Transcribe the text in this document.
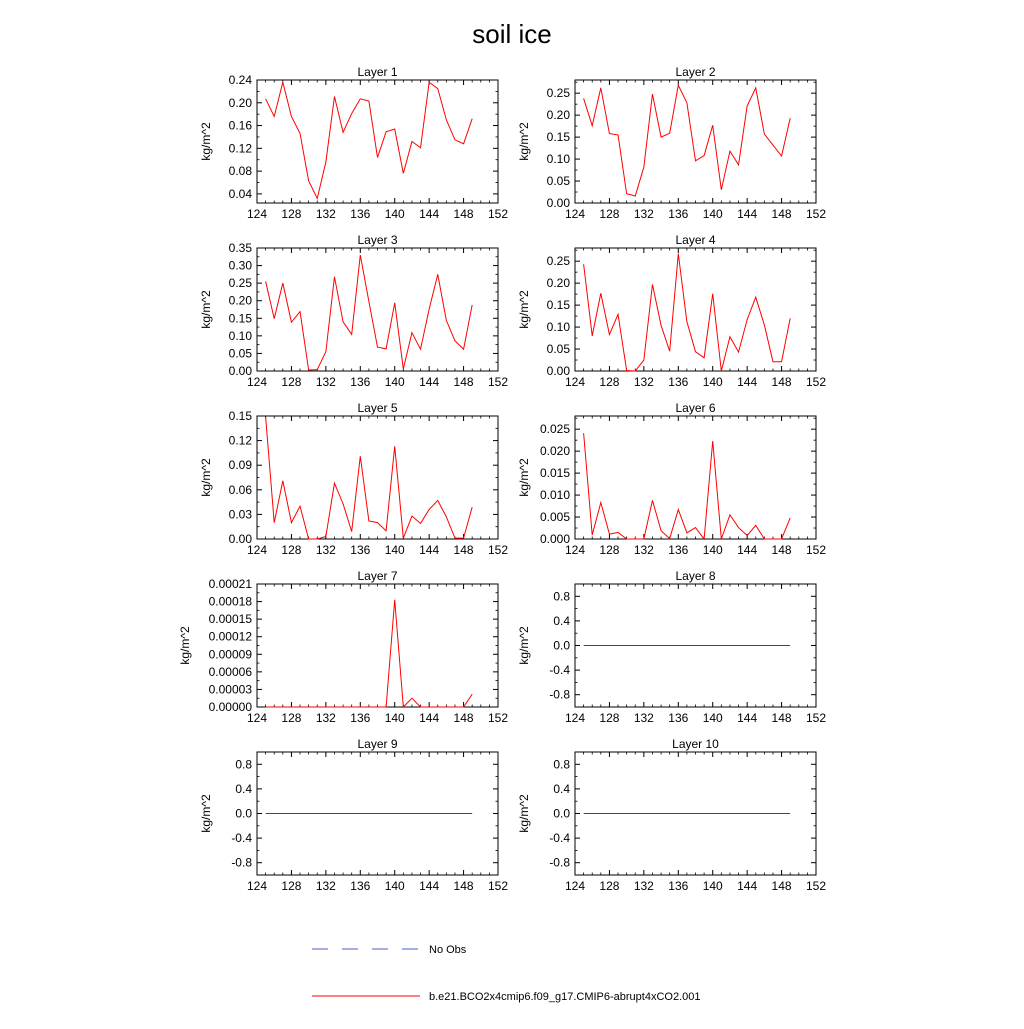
soil ice
Layer 1
kg/m^2
124 128 132 136 140 144 148 152
0.04
0.08
0.12
0.16
0.20
0.24
Layer 2
kg/m^2
124 128 132 136 140 144 148 152
0.00
0.05
0.10
0.15
0.20
0.25
Layer 3
kg/m^2
124 128 132 136 140 144 148 152
0.00
0.05
0.10
0.15
0.20
0.25
0.30
0.35
Layer 4
kg/m^2
124 128 132 136 140 144 148 152
0.00
0.05
0.10
0.15
0.20
0.25
Layer 5
kg/m^2
124 128 132 136 140 144 148 152
0.00
0.03
0.06
0.09
0.12
0.15
Layer 6
kg/m^2
124 128 132 136 140 144 148 152
0.000
0.005
0.010
0.015
0.020
0.025
Layer 7
kg/m^2
124 128 132 136 140 144 148 152
0.00000
0.00003
0.00006
0.00009
0.00012
0.00015
0.00018
0.00021
Layer 8
kg/m^2
124 128 132 136 140 144 148 152
-0.8
-0.4
0.0
0.4
0.8
Layer 9
kg/m^2
124 128 132 136 140 144 148 152
-0.8
-0.4
0.0
0.4
0.8
Layer 10
kg/m^2
124 128 132 136 140 144 148 152
-0.8
-0.4
0.0
0.4
0.8
No Obs
b.e21.BCO2x4cmip6.f09_g17.CMIP6-abrupt4xCO2.001
